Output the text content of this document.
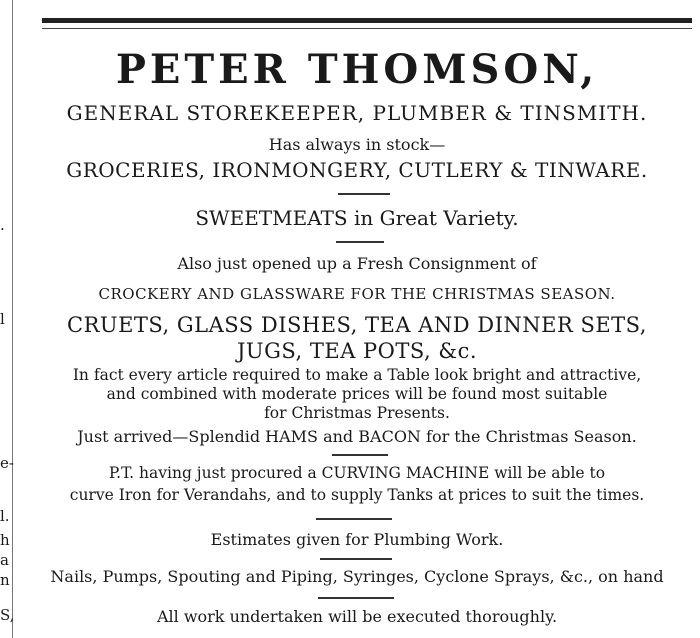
.
l
e-
l.
h
a
n
S,
PETER THOMSON,
GENERAL STOREKEEPER, PLUMBER & TINSMITH.
Has always in stock—
GROCERIES, IRONMONGERY, CUTLERY & TINWARE.
SWEETMEATS in Great Variety.
Also just opened up a Fresh Consignment of
CROCKERY AND GLASSWARE FOR THE CHRISTMAS SEASON.
CRUETS, GLASS DISHES, TEA AND DINNER SETS,
JUGS, TEA POTS, &c.
In fact every article required to make a Table look bright and attractive,
and combined with moderate prices will be found most suitable
for Christmas Presents.
Just arrived—Splendid HAMS and BACON for the Christmas Season.
P.T. having just procured a CURVING MACHINE will be able to
curve Iron for Verandahs, and to supply Tanks at prices to suit the times.
Estimates given for Plumbing Work.
Nails, Pumps, Spouting and Piping, Syringes, Cyclone Sprays, &c., on hand
All work undertaken will be executed thoroughly.
